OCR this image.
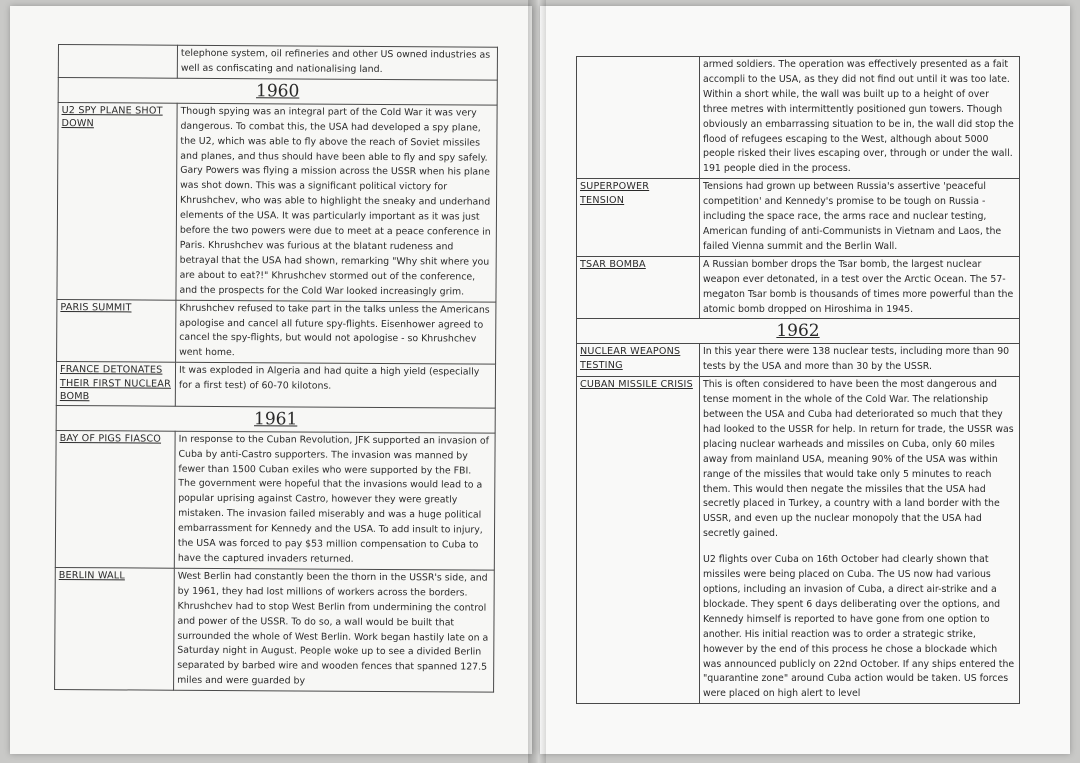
	telephone system, oil refineries and other US owned industries as well as confiscating and nationalising land.
1960	

U2 SPY PLANE SHOT DOWN	Though spying was an integral part of the Cold War it was very dangerous. To combat this, the USA had developed a spy plane, the U2, which was able to fly above the reach of Soviet missiles and planes, and thus should have been able to fly and spy safely. Gary Powers was flying a mission across the USSR when his plane was shot down. This was a significant political victory for Khrushchev, who was able to highlight the sneaky and underhand elements of the USA. It was particularly important as it was just before the two powers were due to meet at a peace conference in Paris. Khrushchev was furious at the blatant rudeness and betrayal that the USA had shown, remarking "Why shit where you are about to eat?!" Khrushchev stormed out of the conference, and the prospects for the Cold War looked increasingly grim.

PARIS SUMMIT	Khrushchev refused to take part in the talks unless the Americans apologise and cancel all future spy-flights. Eisenhower agreed to cancel the spy-flights, but would not apologise - so Khrushchev went home.

FRANCE DETONATES THEIR FIRST NUCLEAR BOMB	It was exploded in Algeria and had quite a high yield (especially for a first test) of 60-70 kilotons.
1961	

BAY OF PIGS FIASCO	In response to the Cuban Revolution, JFK supported an invasion of Cuba by anti-Castro supporters. The invasion was manned by fewer than 1500 Cuban exiles who were supported by the FBI. The government were hopeful that the invasions would lead to a popular uprising against Castro, however they were greatly mistaken. The invasion failed miserably and was a huge political embarrassment for Kennedy and the USA. To add insult to injury, the USA was forced to pay $53 million compensation to Cuba to have the captured invaders returned.

BERLIN WALL	West Berlin had constantly been the thorn in the USSR's side, and by 1961, they had lost millions of workers across the borders. Khrushchev had to stop West Berlin from undermining the control and power of the USSR. To do so, a wall would be built that surrounded the whole of West Berlin. Work began hastily late on a Saturday night in August. People woke up to see a divided Berlin separated by barbed wire and wooden fences that spanned 127.5 miles and were guarded by
	armed soldiers. The operation was effectively presented as a fait accompli to the USA, as they did not find out until it was too late. Within a short while, the wall was built up to a height of over three metres with intermittently positioned gun towers. Though obviously an embarrassing situation to be in, the wall did stop the flood of refugees escaping to the West, although about 5000 people risked their lives escaping over, through or under the wall. 191 people died in the process.

SUPERPOWER TENSION	Tensions had grown up between Russia's assertive 'peaceful competition' and Kennedy's promise to be tough on Russia - including the space race, the arms race and nuclear testing, American funding of anti-Communists in Vietnam and Laos, the failed Vienna summit and the Berlin Wall.

TSAR BOMBA	A Russian bomber drops the Tsar bomb, the largest nuclear weapon ever detonated, in a test over the Arctic Ocean. The 57-megaton Tsar bomb is thousands of times more powerful than the atomic bomb dropped on Hiroshima in 1945.
1962	

NUCLEAR WEAPONS TESTING	In this year there were 138 nuclear tests, including more than 90 tests by the USA and more than 30 by the USSR.

CUBAN MISSILE CRISIS	This is often considered to have been the most dangerous and tense moment in the whole of the Cold War. The relationship between the USA and Cuba had deteriorated so much that they had looked to the USSR for help. In return for trade, the USSR was placing nuclear warheads and missiles on Cuba, only 60 miles away from mainland USA, meaning 90% of the USA was within range of the missiles that would take only 5 minutes to reach them. This would then negate the missiles that the USA had secretly placed in Turkey, a country with a land border with the USSR, and even up the nuclear monopoly that the USA had secretly gained.

U2 flights over Cuba on 16th October had clearly shown that missiles were being placed on Cuba. The US now had various options, including an invasion of Cuba, a direct air-strike and a blockade. They spent 6 days deliberating over the options, and Kennedy himself is reported to have gone from one option to another. His initial reaction was to order a strategic strike, however by the end of this process he chose a blockade which was announced publicly on 22nd October. If any ships entered the "quarantine zone" around Cuba action would be taken. US forces were placed on high alert to level
